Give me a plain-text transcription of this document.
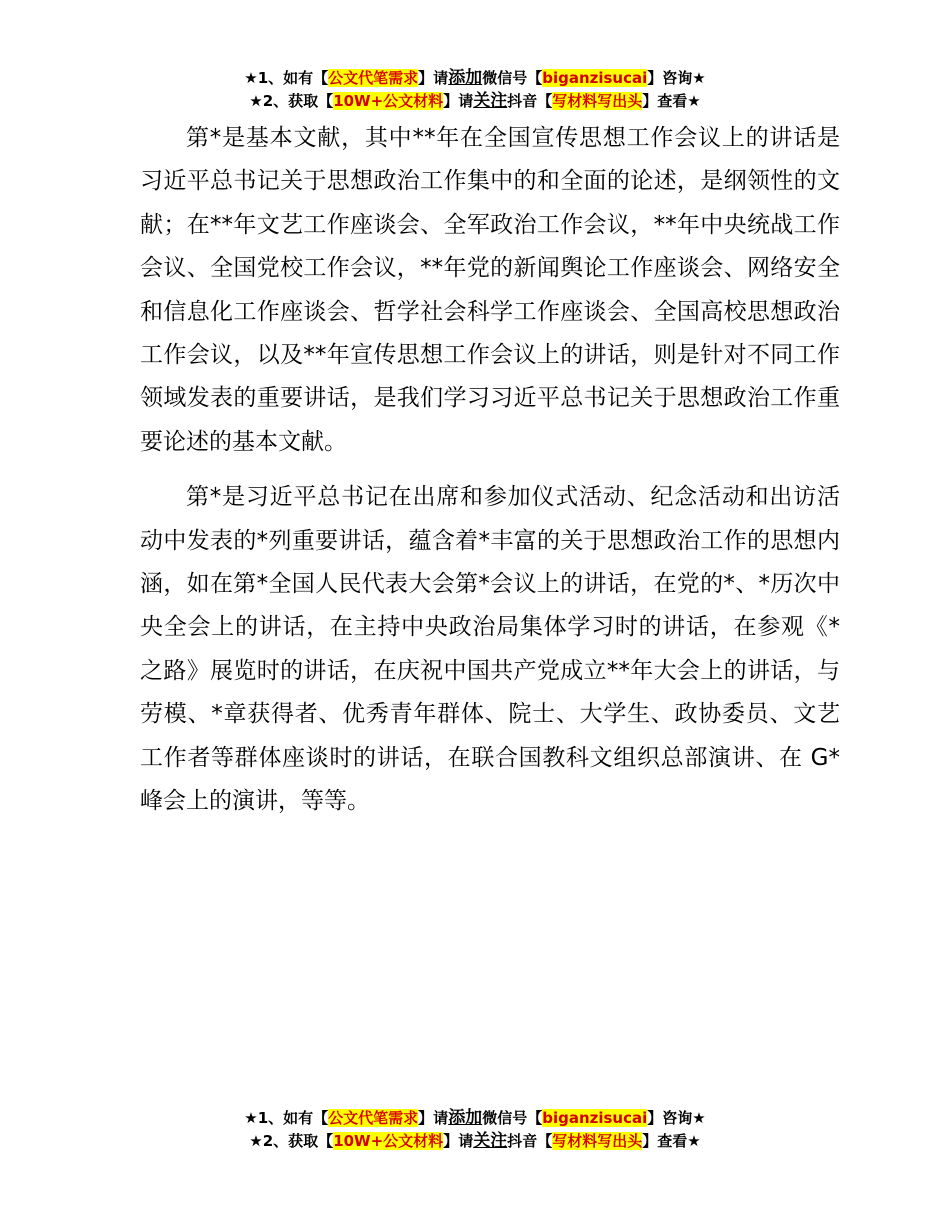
★1、如有【公文代笔需求】请添加微信号【biganzisucai】咨询★
★2、获取【10W+公文材料】请关注抖音【写材料写出头】查看★

第*是基本文献，其中**年在全国宣传思想工作会议上的讲话是习近平总书记关于思想政治工作集中的和全面的论述，是纲领性的文献；在**年文艺工作座谈会、全军政治工作会议，**年中央统战工作会议、全国党校工作会议，**年党的新闻舆论工作座谈会、网络安全和信息化工作座谈会、哲学社会科学工作座谈会、全国高校思想政治工作会议，以及**年宣传思想工作会议上的讲话，则是针对不同工作领域发表的重要讲话，是我们学习习近平总书记关于思想政治工作重要论述的基本文献。

第*是习近平总书记在出席和参加仪式活动、纪念活动和出访活动中发表的*列重要讲话，蕴含着*丰富的关于思想政治工作的思想内涵，如在第*全国人民代表大会第*会议上的讲话，在党的*、*历次中央全会上的讲话，在主持中央政治局集体学习时的讲话，在参观《*之路》展览时的讲话，在庆祝中国共产党成立**年大会上的讲话，与劳模、*章获得者、优秀青年群体、院士、大学生、政协委员、文艺工作者等群体座谈时的讲话，在联合国教科文组织总部演讲、在 G*峰会上的演讲，等等。

★1、如有【公文代笔需求】请添加微信号【biganzisucai】咨询★
★2、获取【10W+公文材料】请关注抖音【写材料写出头】查看★
